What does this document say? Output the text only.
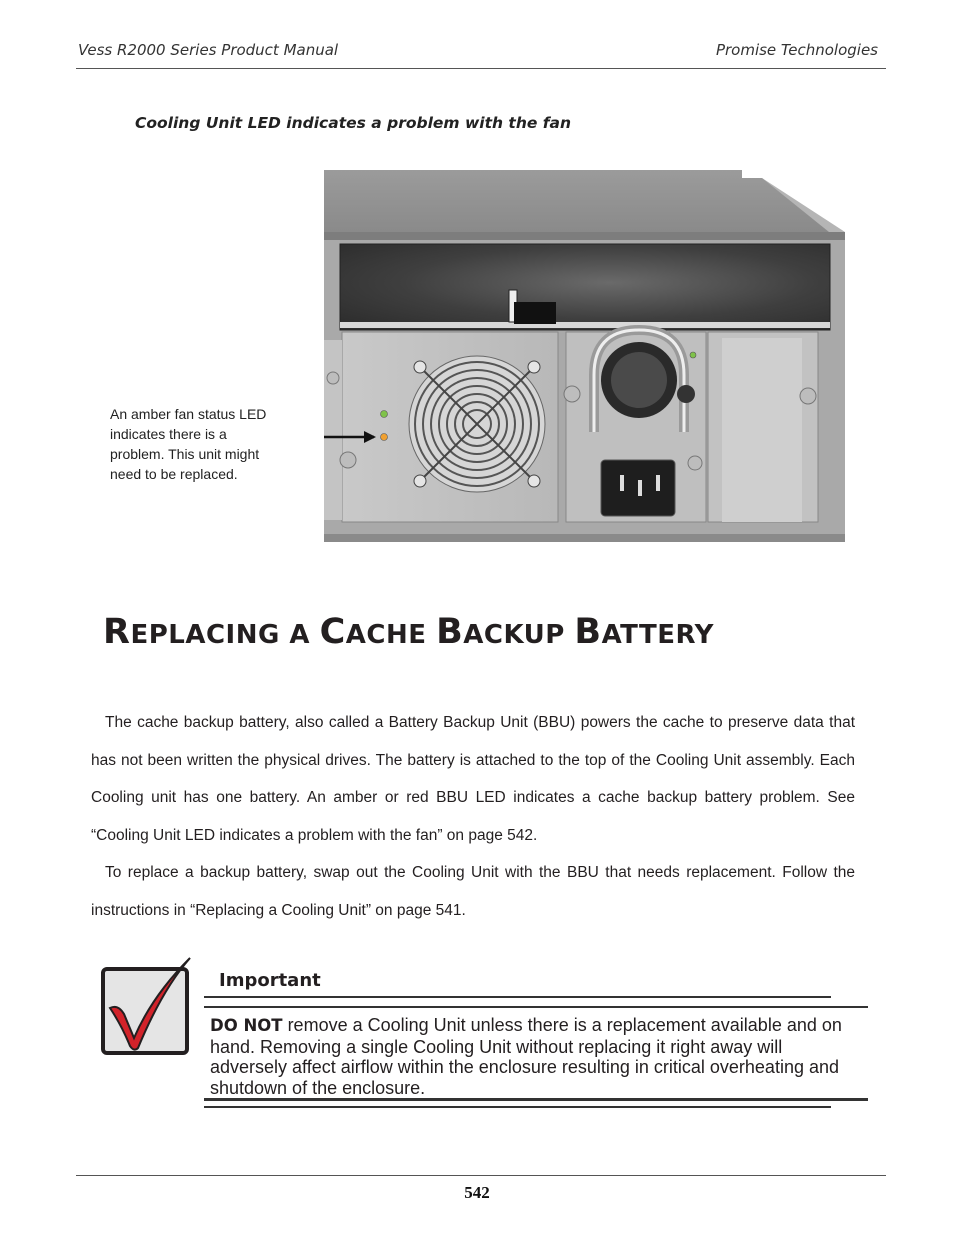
Vess R2000 Series Product Manual	Promise Technologies
Cooling Unit LED indicates a problem with the fan
An amber fan status LED indicates there is a problem. This unit might need to be replaced.
REPLACING A CACHE BACKUP BATTERY
The cache backup battery, also called a Battery Backup Unit (BBU) powers the cache to preserve data that has not been written the physical drives. The battery is attached to the top of the Cooling Unit assembly. Each Cooling unit has one battery. An amber or red BBU LED indicates a cache backup battery problem. See “Cooling Unit LED indicates a problem with the fan” on page 542.
To replace a backup battery, swap out the Cooling Unit with the BBU that needs replacement. Follow the instructions in “Replacing a Cooling Unit” on page 541.
Important
DO NOT remove a Cooling Unit unless there is a replacement available and on hand. Removing a single Cooling Unit without replacing it right away will adversely affect airflow within the enclosure resulting in critical overheating and shutdown of the enclosure.
542
